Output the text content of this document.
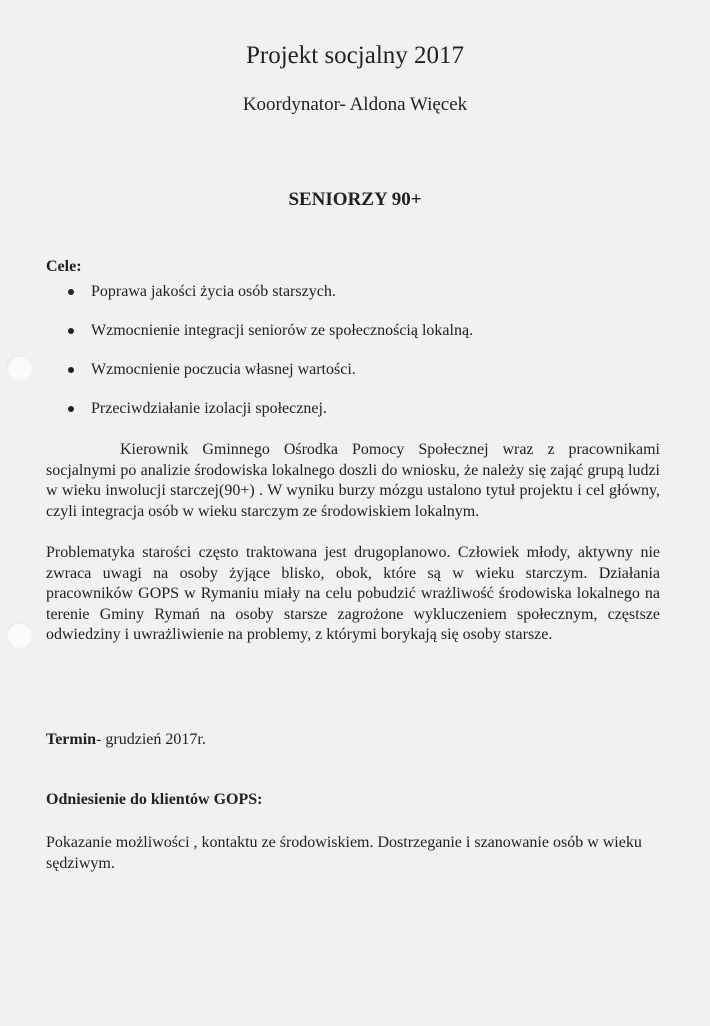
Projekt socjalny 2017
Koordynator- Aldona Więcek
SENIORZY 90+
Cele:
Poprawa jakości życia osób starszych.
Wzmocnienie integracji seniorów ze społecznością lokalną.
Wzmocnienie poczucia własnej wartości.
Przeciwdziałanie izolacji społecznej.
Kierownik Gminnego Ośrodka Pomocy Społecznej wraz z pracownikami socjalnymi po analizie środowiska lokalnego doszli do wniosku, że należy się zająć grupą ludzi w wieku inwolucji starczej(90+) . W wyniku burzy mózgu ustalono tytuł projektu i cel główny, czyli integracja osób w wieku starczym ze środowiskiem lokalnym.
Problematyka starości często traktowana jest drugoplanowo. Człowiek młody, aktywny nie zwraca uwagi na osoby żyjące blisko, obok, które są w wieku starczym. Działania pracowników GOPS w Rymaniu miały na celu pobudzić wrażliwość środowiska lokalnego na terenie Gminy Rymań na osoby starsze zagrożone wykluczeniem społecznym, częstsze odwiedziny i uwrażliwienie na problemy, z którymi borykają się osoby starsze.
Termin- grudzień 2017r.
Odniesienie do klientów GOPS:
Pokazanie możliwości , kontaktu ze środowiskiem. Dostrzeganie i szanowanie osób w wieku sędziwym.
